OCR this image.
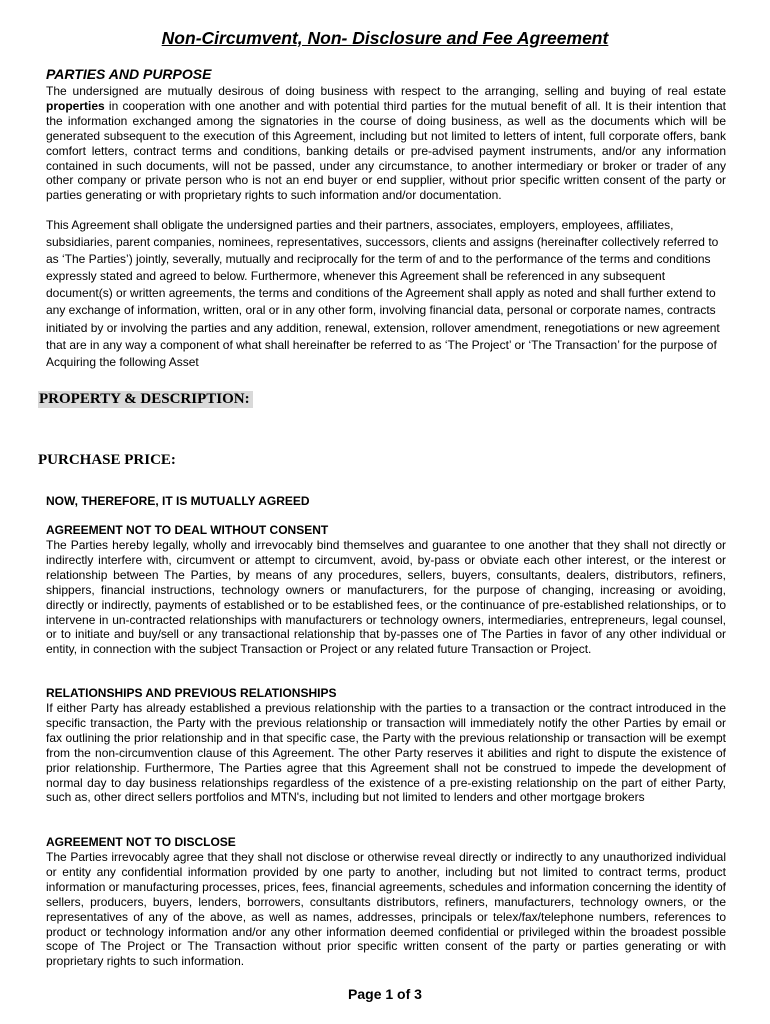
Non-Circumvent, Non- Disclosure and Fee Agreement
PARTIES AND PURPOSE

The undersigned are mutually desirous of doing business with respect to the arranging, selling and buying of real estate properties in cooperation with one another and with potential third parties for the mutual benefit of all. It is their intention that the information exchanged among the signatories in the course of doing business, as well as the documents which will be generated subsequent to the execution of this Agreement, including but not limited to letters of intent, full corporate offers, bank comfort letters, contract terms and conditions, banking details or pre-advised payment instruments, and/or any information contained in such documents, will not be passed, under any circumstance, to another intermediary or broker or trader of any other company or private person who is not an end buyer or end supplier, without prior specific written consent of the party or parties generating or with proprietary rights to such information and/or documentation.

This Agreement shall obligate the undersigned parties and their partners, associates, employers, employees, affiliates, subsidiaries, parent companies, nominees, representatives, successors, clients and assigns (hereinafter collectively referred to as ‘The Parties’) jointly, severally, mutually and reciprocally for the term of and to the performance of the terms and conditions expressly stated and agreed to below. Furthermore, whenever this Agreement shall be referenced in any subsequent document(s) or written agreements, the terms and conditions of the Agreement shall apply as noted and shall further extend to any exchange of information, written, oral or in any other form, involving financial data, personal or corporate names, contracts initiated by or involving the parties and any addition, renewal, extension, rollover amendment, renegotiations or new agreement that are in any way a component of what shall hereinafter be referred to as ‘The Project’ or ‘The Transaction’ for the purpose of Acquiring the following Asset

PROPERTY & DESCRIPTION:
PURCHASE PRICE:
NOW, THEREFORE, IT IS MUTUALLY AGREED
AGREEMENT NOT TO DEAL WITHOUT CONSENT

The Parties hereby legally, wholly and irrevocably bind themselves and guarantee to one another that they shall not directly or indirectly interfere with, circumvent or attempt to circumvent, avoid, by-pass or obviate each other interest, or the interest or relationship between The Parties, by means of any procedures, sellers, buyers, consultants, dealers, distributors, refiners, shippers, financial instructions, technology owners or manufacturers, for the purpose of changing, increasing or avoiding, directly or indirectly, payments of established or to be established fees, or the continuance of pre-established relationships, or to intervene in un-contracted relationships with manufacturers or technology owners, intermediaries, entrepreneurs, legal counsel, or to initiate and buy/sell or any transactional relationship that by-passes one of The Parties in favor of any other individual or entity, in connection with the subject Transaction or Project or any related future Transaction or Project.

RELATIONSHIPS AND PREVIOUS RELATIONSHIPS

If either Party has already established a previous relationship with the parties to a transaction or the contract introduced in the specific transaction, the Party with the previous relationship or transaction will immediately notify the other Parties by email or fax outlining the prior relationship and in that specific case, the Party with the previous relationship or transaction will be exempt from the non-circumvention clause of this Agreement. The other Party reserves it abilities and right to dispute the existence of prior relationship. Furthermore, The Parties agree that this Agreement shall not be construed to impede the development of normal day to day business relationships regardless of the existence of a pre-existing relationship on the part of either Party, such as, other direct sellers portfolios and MTN's, including but not limited to lenders and other mortgage brokers

AGREEMENT NOT TO DISCLOSE

The Parties irrevocably agree that they shall not disclose or otherwise reveal directly or indirectly to any unauthorized individual or entity any confidential information provided by one party to another, including but not limited to contract terms, product information or manufacturing processes, prices, fees, financial agreements, schedules and information concerning the identity of sellers, producers, buyers, lenders, borrowers, consultants distributors, refiners, manufacturers, technology owners, or the representatives of any of the above, as well as names, addresses, principals or telex/fax/telephone numbers, references to product or technology information and/or any other information deemed confidential or privileged within the broadest possible scope of The Project or The Transaction without prior specific written consent of the party or parties generating or with proprietary rights to such information.

Page 1 of 3
